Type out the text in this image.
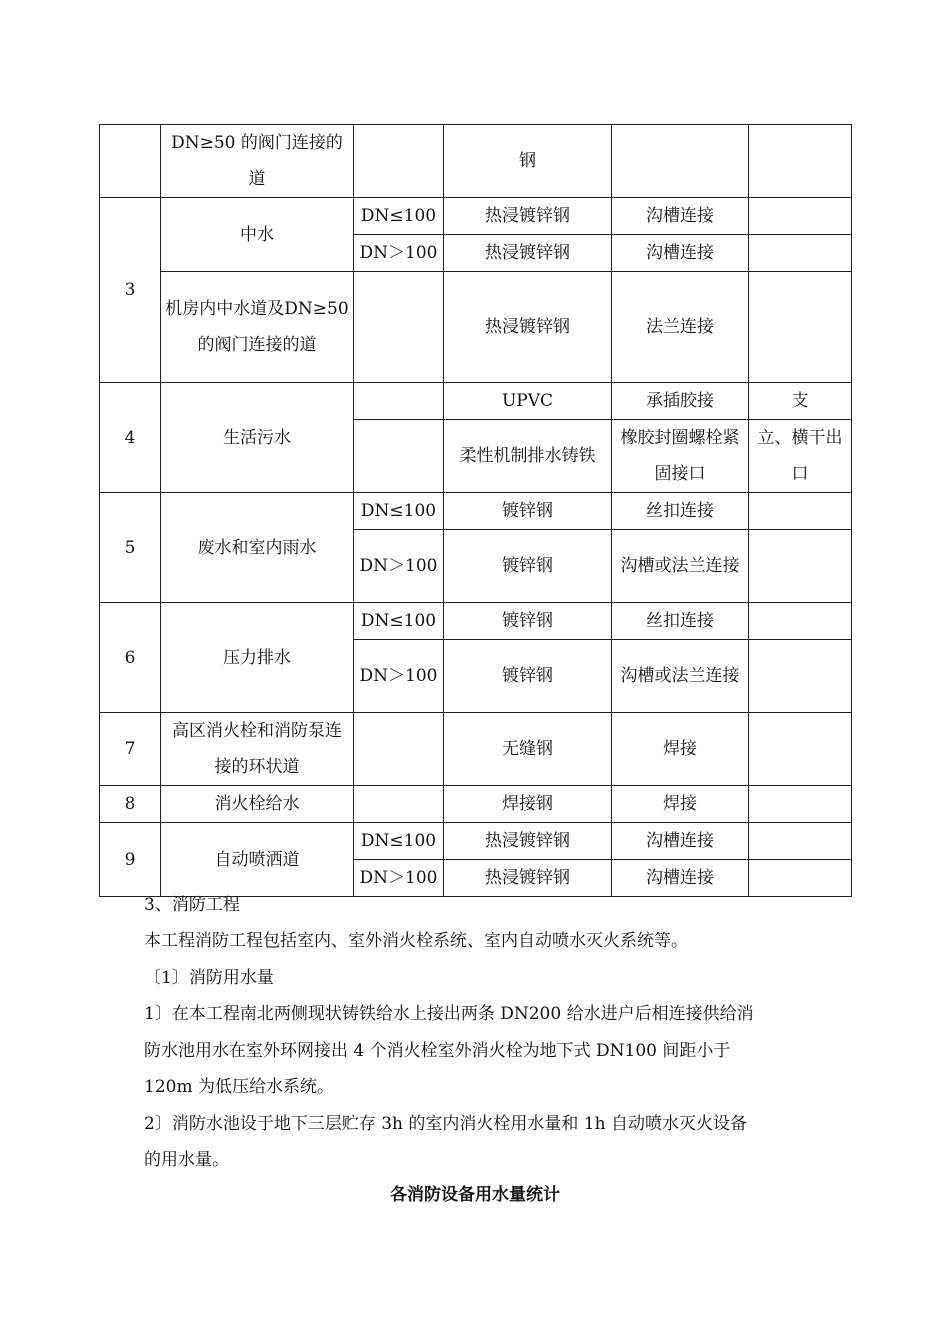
	DN≥50 的阀门连接的道		钢		
3	中水	DN≤100	热浸镀锌钢	沟槽连接	
		DN＞100	热浸镀锌钢	沟槽连接	
	机房内中水道及DN≥50 的阀门连接的道		热浸镀锌钢	法兰连接	
4	生活污水		UPVC	承插胶接	支
			柔性机制排水铸铁	橡胶封圈螺栓紧固接口	立、横干出口
5	废水和室内雨水	DN≤100	镀锌钢	丝扣连接	
		DN＞100	镀锌钢	沟槽或法兰连接	
6	压力排水	DN≤100	镀锌钢	丝扣连接	
		DN＞100	镀锌钢	沟槽或法兰连接	
7	高区消火栓和消防泵连接的环状道		无缝钢	焊接	
8	消火栓给水		焊接钢	焊接	
9	自动喷洒道	DN≤100	热浸镀锌钢	沟槽连接	
		DN＞100	热浸镀锌钢	沟槽连接	
3、消防工程
本工程消防工程包括室内、室外消火栓系统、室内自动喷水灭火系统等。
〔1〕消防用水量
1〕在本工程南北两侧现状铸铁给水上接出两条 DN200 给水进户后相连接供给消
防水池用水在室外环网接出 4 个消火栓室外消火栓为地下式 DN100 间距小于
120m 为低压给水系统。
2〕消防水池设于地下三层贮存 3h 的室内消火栓用水量和 1h 自动喷水灭火设备
的用水量。
各消防设备用水量统计
